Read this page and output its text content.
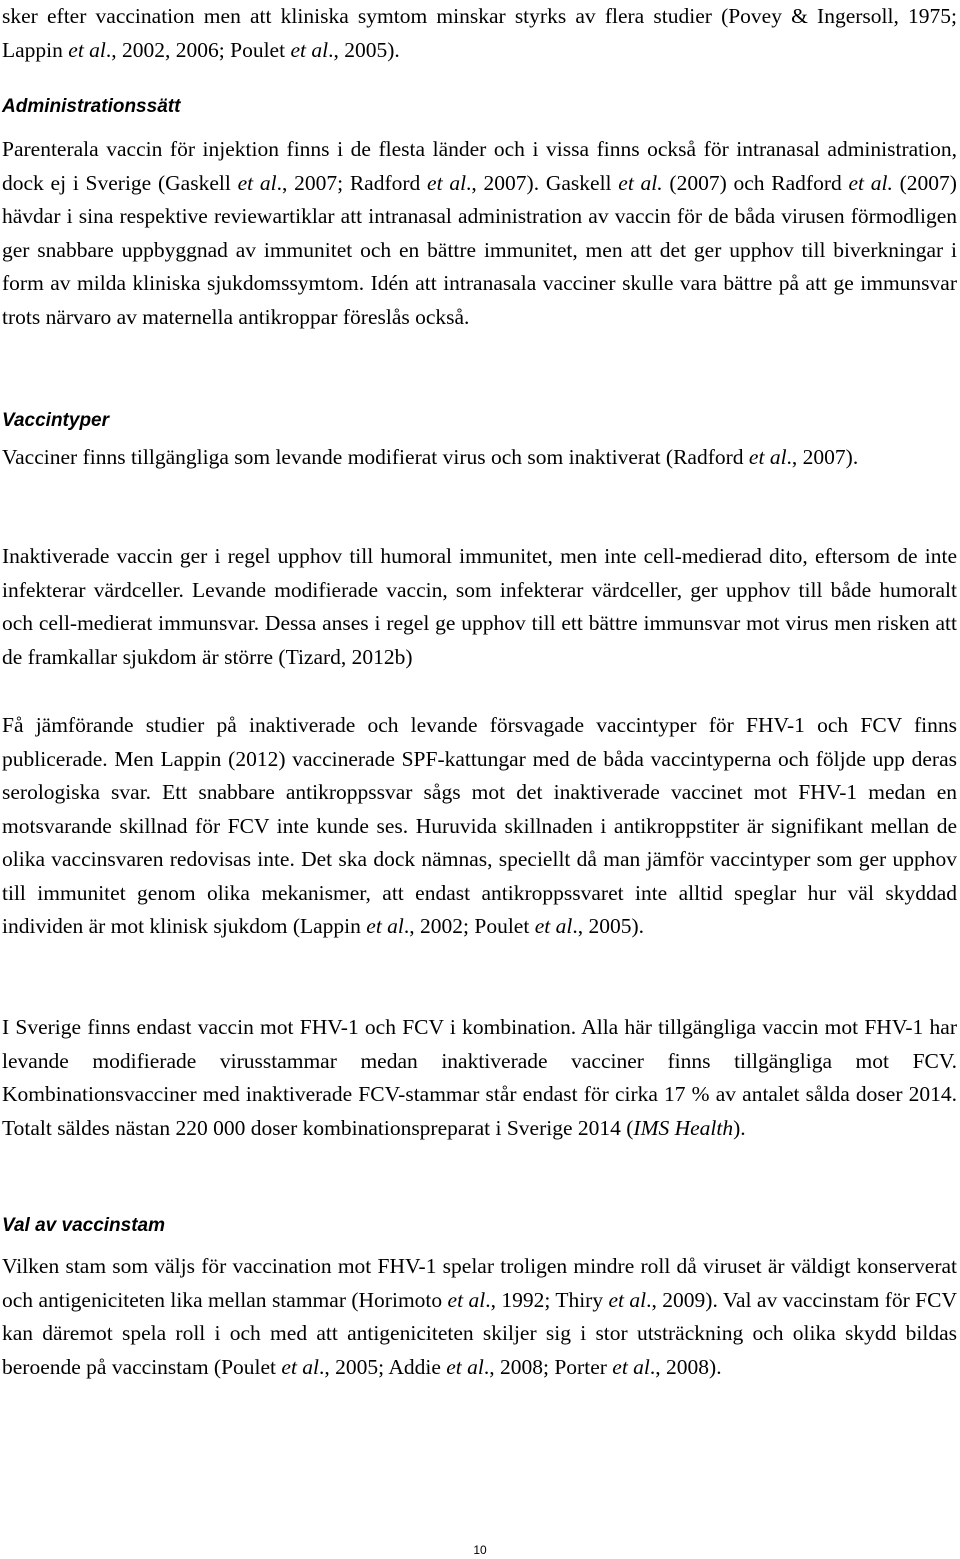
sker efter vaccination men att kliniska symtom minskar styrks av flera studier (Povey & Ingersoll, 1975; Lappin et al., 2002, 2006; Poulet et al., 2005).

Administrationssätt

Parenterala vaccin för injektion finns i de flesta länder och i vissa finns också för intranasal administration, dock ej i Sverige (Gaskell et al., 2007; Radford et al., 2007). Gaskell et al. (2007) och Radford et al. (2007) hävdar i sina respektive reviewartiklar att intranasal administration av vaccin för de båda virusen förmodligen ger snabbare uppbyggnad av immunitet och en bättre immunitet, men att det ger upphov till biverkningar i form av milda kliniska sjukdomssymtom. Idén att intranasala vacciner skulle vara bättre på att ge immunsvar trots närvaro av maternella antikroppar föreslås också.

Vaccintyper

Vacciner finns tillgängliga som levande modifierat virus och som inaktiverat (Radford et al., 2007).

Inaktiverade vaccin ger i regel upphov till humoral immunitet, men inte cell-medierad dito, eftersom de inte infekterar värdceller. Levande modifierade vaccin, som infekterar värdceller, ger upphov till både humoralt och cell-medierat immunsvar. Dessa anses i regel ge upphov till ett bättre immunsvar mot virus men risken att de framkallar sjukdom är större (Tizard, 2012b)

Få jämförande studier på inaktiverade och levande försvagade vaccintyper för FHV-1 och FCV finns publicerade. Men Lappin (2012) vaccinerade SPF-kattungar med de båda vaccintyperna och följde upp deras serologiska svar. Ett snabbare antikroppssvar sågs mot det inaktiverade vaccinet mot FHV-1 medan en motsvarande skillnad för FCV inte kunde ses. Huruvida skillnaden i antikroppstiter är signifikant mellan de olika vaccinsvaren redovisas inte. Det ska dock nämnas, speciellt då man jämför vaccintyper som ger upphov till immunitet genom olika mekanismer, att endast antikroppssvaret inte alltid speglar hur väl skyddad individen är mot klinisk sjukdom (Lappin et al., 2002; Poulet et al., 2005).

I Sverige finns endast vaccin mot FHV-1 och FCV i kombination. Alla här tillgängliga vaccin mot FHV-1 har levande modifierade virusstammar medan inaktiverade vacciner finns tillgängliga mot FCV. Kombinationsvacciner med inaktiverade FCV-stammar står endast för cirka 17 % av antalet sålda doser 2014. Totalt säldes nästan 220 000 doser kombinationspreparat i Sverige 2014 (IMS Health).

Val av vaccinstam

Vilken stam som väljs för vaccination mot FHV-1 spelar troligen mindre roll då viruset är väldigt konserverat och antigeniciteten lika mellan stammar (Horimoto et al., 1992; Thiry et al., 2009). Val av vaccinstam för FCV kan däremot spela roll i och med att antigeniciteten skiljer sig i stor utsträckning och olika skydd bildas beroende på vaccinstam (Poulet et al., 2005; Addie et al., 2008; Porter et al., 2008).

10
